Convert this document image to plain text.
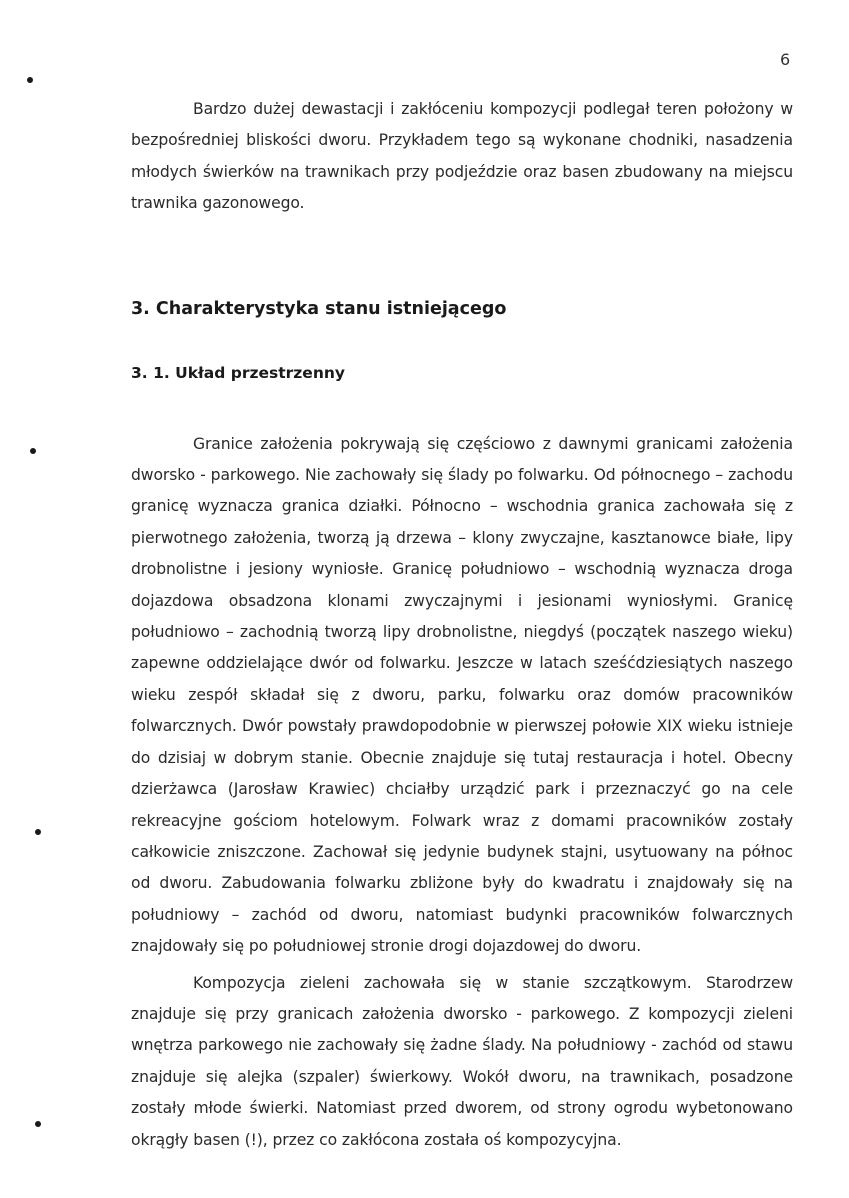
6

Bardzo dużej dewastacji i zakłóceniu kompozycji podlegał teren położony w bezpośredniej bliskości dworu. Przykładem tego są wykonane chodniki, nasadzenia młodych świerków na trawnikach przy podjeździe oraz basen zbudowany na miejscu trawnika gazonowego.

3. Charakterystyka stanu istniejącego
3. 1. Układ przestrzenny

Granice założenia pokrywają się częściowo z dawnymi granicami założenia dworsko - parkowego. Nie zachowały się ślady po folwarku. Od północnego – zachodu granicę wyznacza granica działki. Północno – wschodnia granica zachowała się z pierwotnego założenia, tworzą ją drzewa – klony zwyczajne, kasztanowce białe, lipy drobnolistne i jesiony wyniosłe. Granicę południowo – wschodnią wyznacza droga dojazdowa obsadzona klonami zwyczajnymi i jesionami wyniosłymi. Granicę południowo – zachodnią tworzą lipy drobnolistne, niegdyś (początek naszego wieku) zapewne oddzielające dwór od folwarku. Jeszcze w latach sześćdziesiątych naszego wieku zespół składał się z dworu, parku, folwarku oraz domów pracowników folwarcznych. Dwór powstały prawdopodobnie w pierwszej połowie XIX wieku istnieje do dzisiaj w dobrym stanie. Obecnie znajduje się tutaj restauracja i hotel. Obecny dzierżawca (Jarosław Krawiec) chciałby urządzić park i przeznaczyć go na cele rekreacyjne gościom hotelowym. Folwark wraz z domami pracowników zostały całkowicie zniszczone. Zachował się jedynie budynek stajni, usytuowany na północ od dworu. Zabudowania folwarku zbliżone były do kwadratu i znajdowały się na południowy – zachód od dworu, natomiast budynki pracowników folwarcznych znajdowały się po południowej stronie drogi dojazdowej do dworu.

Kompozycja zieleni zachowała się w stanie szczątkowym. Starodrzew znajduje się przy granicach założenia dworsko - parkowego. Z kompozycji zieleni wnętrza parkowego nie zachowały się żadne ślady. Na południowy - zachód od stawu znajduje się alejka (szpaler) świerkowy. Wokół dworu, na trawnikach, posadzone zostały młode świerki. Natomiast przed dworem, od strony ogrodu wybetonowano okrągły basen (!), przez co zakłócona została oś kompozycyjna.
